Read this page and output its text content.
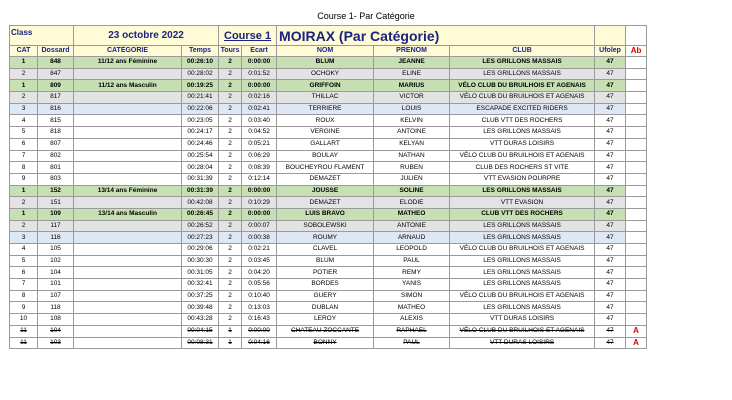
Course 1- Par Catégorie
Class		23 octobre 2022		Course 1		MOIRAX (Par Catégorie)				
CAT	Dossard	CATÉGORIE	Temps	Tours	Ecart	NOM	PRENOM	CLUB	Ufolep	Ab
1	848	11/12 ans Féminine	00:26:10	2	0:00:00	BLUM	JEANNE	LES GRILLONS MASSAIS	47	
2	847		00:28:02	2	0:01:52	OCHOKY	ELINE	LES GRILLONS MASSAIS	47	
1	809	11/12 ans Masculin	00:19:25	2	0:00:00	GRIFFOIN	MARIUS	VÉLO CLUB DU BRUILHOIS ET AGENAIS	47	
2	817		00:21:41	2	0:02:16	THILLAC	VICTOR	VÉLO CLUB DU BRUILHOIS ET AGENAIS	47	
3	816		00:22:06	2	0:02:41	TERRIERE	LOUIS	ESCAPADE EXCITED RIDERS	47	
4	815		00:23:05	2	0:03:40	ROUX	KELVIN	CLUB VTT DES ROCHERS	47	
5	818		00:24:17	2	0:04:52	VERGINE	ANTOINE	LES GRILLONS MASSAIS	47	
6	807		00:24:46	2	0:05:21	GALLART	KELYAN	VTT DURAS LOISIRS	47	
7	802		00:25:54	2	0:06:29	BOULAY	NATHAN	VÉLO CLUB DU BRUILHOIS ET AGENAIS	47	
8	801		00:28:04	2	0:08:39	BOUCHEYROU FLAMENT	RUBEN	CLUB DES ROCHERS ST VITE	47	
9	803		00:31:39	2	0:12:14	DEMAZET	JULIEN	VTT EVASION POURPRE	47	
1	152	13/14 ans Féminine	00:31:39	2	0:00:00	JOUSSE	SOLINE	LES GRILLONS MASSAIS	47	
2	151		00:42:08	2	0:10:29	DEMAZET	ELODIE	VTT EVASION	47	
1	109	13/14 ans Masculin	00:26:45	2	0:00:00	LUIS BRAVO	MATHEO	CLUB VTT DES ROCHERS	47	
2	117		00:26:52	2	0:00:07	SOBOLEWSKI	ANTONIE	LES GRILLONS MASSAIS	47	
3	116		00:27:23	2	0:00:38	ROUMY	ARNAUD	LES GRILLONS MASSAIS	47	
4	105		00:29:06	2	0:02:21	CLAVEL	LEOPOLD	VÉLO CLUB DU BRUILHOIS ET AGENAIS	47	
5	102		00:30:30	2	0:03:45	BLUM	PAUL	LES GRILLONS MASSAIS	47	
6	104		00:31:05	2	0:04:20	POTIER	REMY	LES GRILLONS MASSAIS	47	
7	101		00:32:41	2	0:05:56	BORDES	YANIS	LES GRILLONS MASSAIS	47	
8	107		00:37:25	2	0:10:40	GUERY	SIMON	VÉLO CLUB DU BRUILHOIS ET AGENAIS	47	
9	118		00:39:48	2	0:13:03	DUBLAN	MATHEO	LES GRILLONS MASSAIS	47	
10	108		00:43:28	2	0:16:43	LEROY	ALEXIS	VTT DURAS LOISIRS	47	
11	104		00:04:15	1	0:00:00	CHATEAU ZOCCANTE	RAPHAEL	VÉLO CLUB DU BRUILHOIS ET AGENAIS	47	A
11	103		00:08:31	1	0:04:16	BONNY	PAUL	VTT DURAS LOISIRS	47	A
